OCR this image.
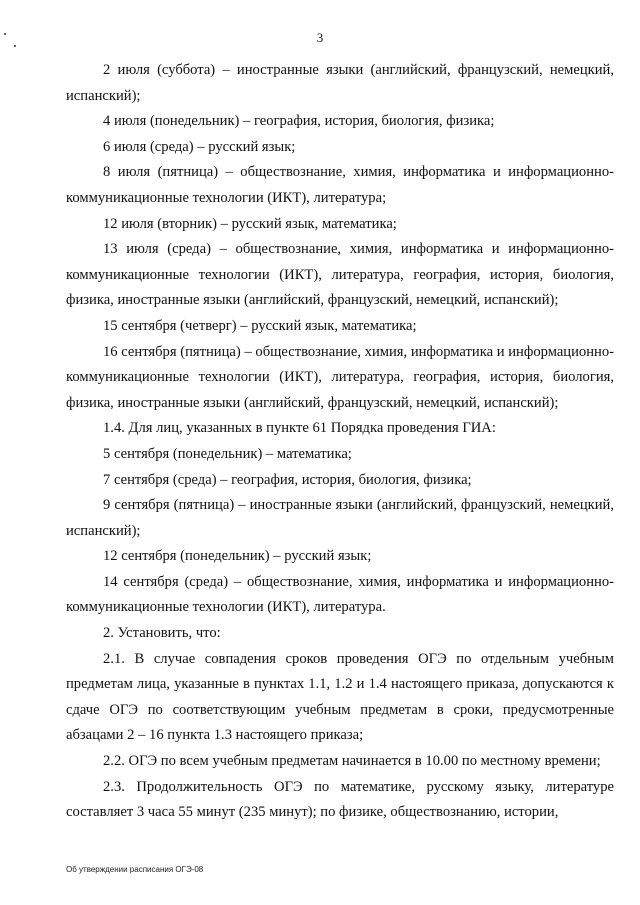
3

2 июля (суббота) – иностранные языки (английский, французский, немецкий, испанский);

4 июля (понедельник) – география, история, биология, физика;

6 июля (среда) – русский язык;

8 июля (пятница) – обществознание, химия, информатика и информационно-коммуникационные технологии (ИКТ), литература;

12 июля (вторник) – русский язык, математика;

13 июля (среда) – обществознание, химия, информатика и информационно-коммуникационные технологии (ИКТ), литература, география, история, биология, физика, иностранные языки (английский, французский, немецкий, испанский);

15 сентября (четверг) – русский язык, математика;

16 сентября (пятница) – обществознание, химия, информатика и информационно-коммуникационные технологии (ИКТ), литература, география, история, биология, физика, иностранные языки (английский, французский, немецкий, испанский);

1.4. Для лиц, указанных в пункте 61 Порядка проведения ГИА:

5 сентября (понедельник) – математика;

7 сентября (среда) – география, история, биология, физика;

9 сентября (пятница) – иностранные языки (английский, французский, немецкий, испанский);

12 сентября (понедельник) – русский язык;

14 сентября (среда) – обществознание, химия, информатика и информационно-коммуникационные технологии (ИКТ), литература.

2. Установить, что:

2.1. В случае совпадения сроков проведения ОГЭ по отдельным учебным предметам лица, указанные в пунктах 1.1, 1.2 и 1.4 настоящего приказа, допускаются к сдаче ОГЭ по соответствующим учебным предметам в сроки, предусмотренные абзацами 2 – 16 пункта 1.3 настоящего приказа;

2.2. ОГЭ по всем учебным предметам начинается в 10.00 по местному времени;

2.3. Продолжительность ОГЭ по математике, русскому языку, литературе составляет 3 часа 55 минут (235 минут); по физике, обществознанию, истории,

Об утверждении расписания ОГЭ-08
